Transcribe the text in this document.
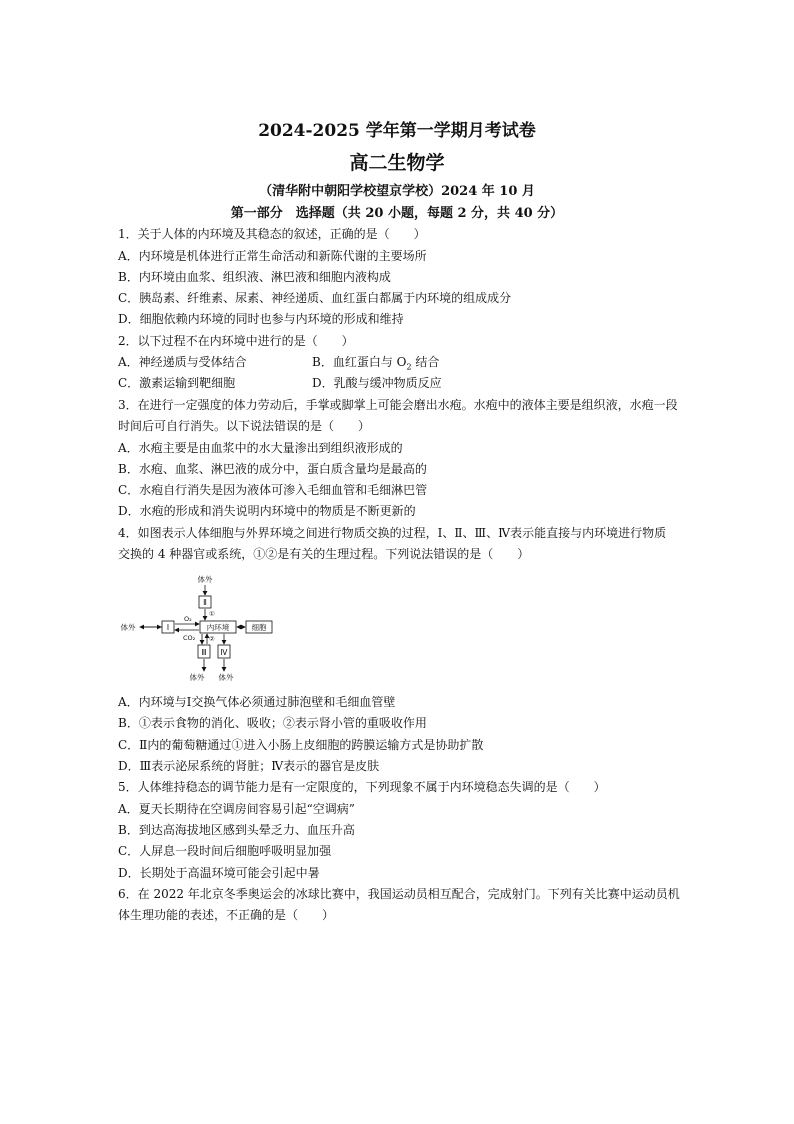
2024-2025 学年第一学期月考试卷
高二生物学
（清华附中朝阳学校望京学校）2024 年 10 月
第一部分　选择题（共 20 小题，每题 2 分，共 40 分）
1．关于人体的内环境及其稳态的叙述，正确的是（　　）
A．内环境是机体进行正常生命活动和新陈代谢的主要场所
B．内环境由血浆、组织液、淋巴液和细胞内液构成
C．胰岛素、纤维素、尿素、神经递质、血红蛋白都属于内环境的组成成分
D．细胞依赖内环境的同时也参与内环境的形成和维持
2．以下过程不在内环境中进行的是（　　）
A．神经递质与受体结合	B．血红蛋白与 $O_2$ 结合
C．激素运输到靶细胞	D．乳酸与缓冲物质反应
3．在进行一定强度的体力劳动后，手掌或脚掌上可能会磨出水疱。水疱中的液体主要是组织液，水疱一段
时间后可自行消失。以下说法错误的是（　　）
A．水疱主要是由血浆中的水大量渗出到组织液形成的
B．水疱、血浆、淋巴液的成分中，蛋白质含量均是最高的
C．水疱自行消失是因为液体可渗入毛细血管和毛细淋巴管
D．水疱的形成和消失说明内环境中的物质是不断更新的
4．如图表示人体细胞与外界环境之间进行物质交换的过程，Ⅰ、Ⅱ、Ⅲ、Ⅳ表示能直接与内环境进行物质
交换的 4 种器官或系统，①②是有关的生理过程。下列说法错误的是（　　）
体外
体外
体外 体外
Ⅱ
Ⅰ	内环境	细胞
Ⅲ Ⅳ
O₂
CO₂
①
②
A．内环境与Ⅰ交换气体必须通过肺泡壁和毛细血管壁
B．①表示食物的消化、吸收；②表示肾小管的重吸收作用
C．Ⅱ内的葡萄糖通过①进入小肠上皮细胞的跨膜运输方式是协助扩散
D．Ⅲ表示泌尿系统的肾脏；Ⅳ表示的器官是皮肤
5．人体维持稳态的调节能力是有一定限度的，下列现象不属于内环境稳态失调的是（　　）
A．夏天长期待在空调房间容易引起“空调病”
B．到达高海拔地区感到头晕乏力、血压升高
C．人屏息一段时间后细胞呼吸明显加强
D．长期处于高温环境可能会引起中暑
6．在 2022 年北京冬季奥运会的冰球比赛中，我国运动员相互配合，完成射门。下列有关比赛中运动员机
体生理功能的表述，不正确的是（　　）
